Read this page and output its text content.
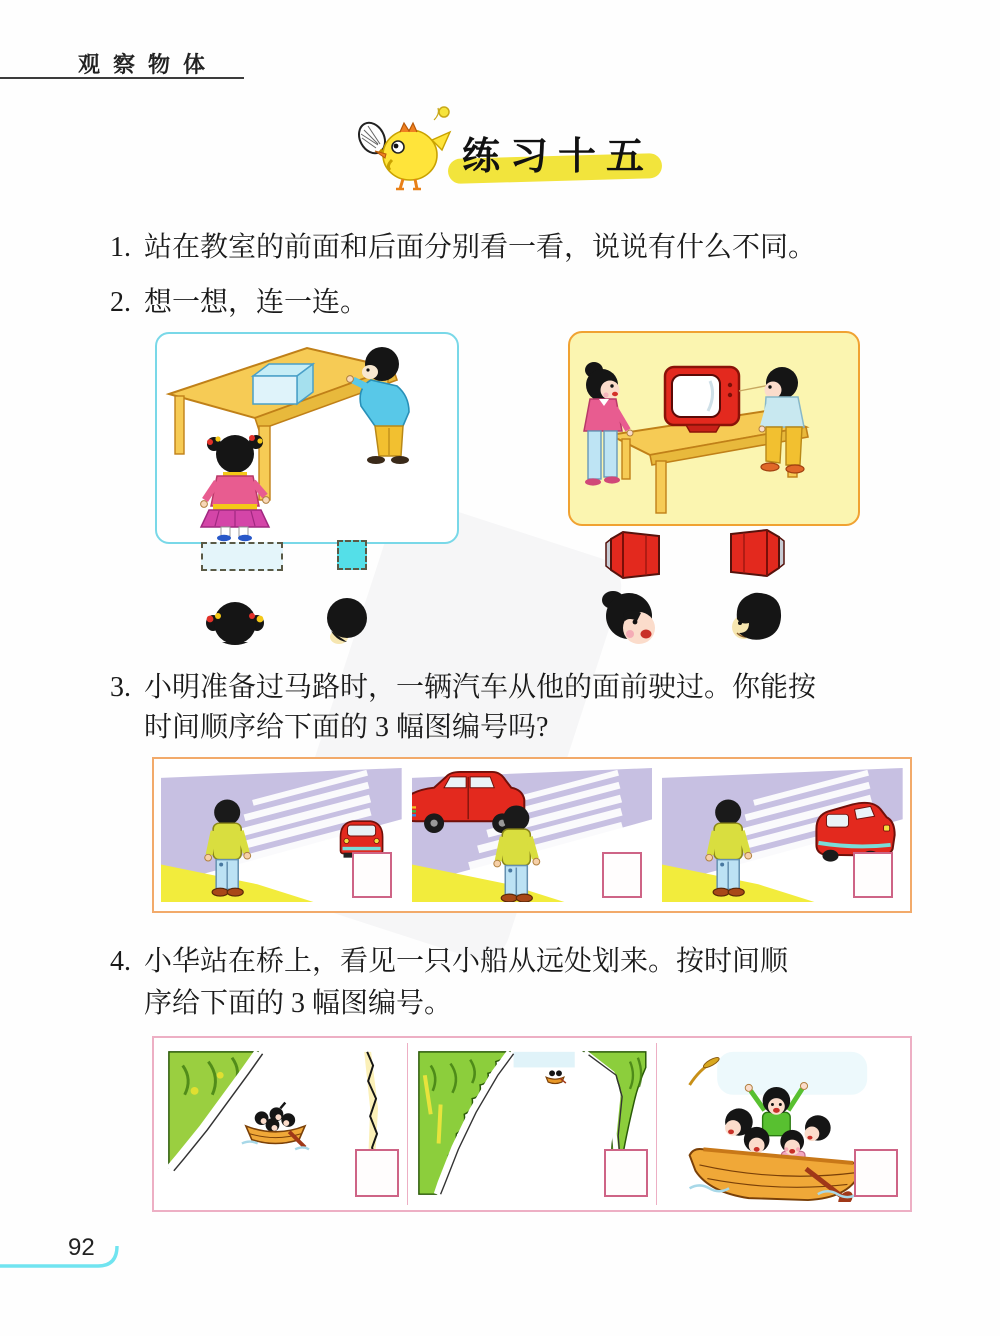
观察物体
练习十五
1. 站在教室的前面和后面分别看一看，说说有什么不同。
2. 想一想，连一连。
3. 小明准备过马路时，一辆汽车从他的面前驶过。你能按
时间顺序给下面的 3 幅图编号吗?
4. 小华站在桥上，看见一只小船从远处划来。按时间顺
序给下面的 3 幅图编号。
92
